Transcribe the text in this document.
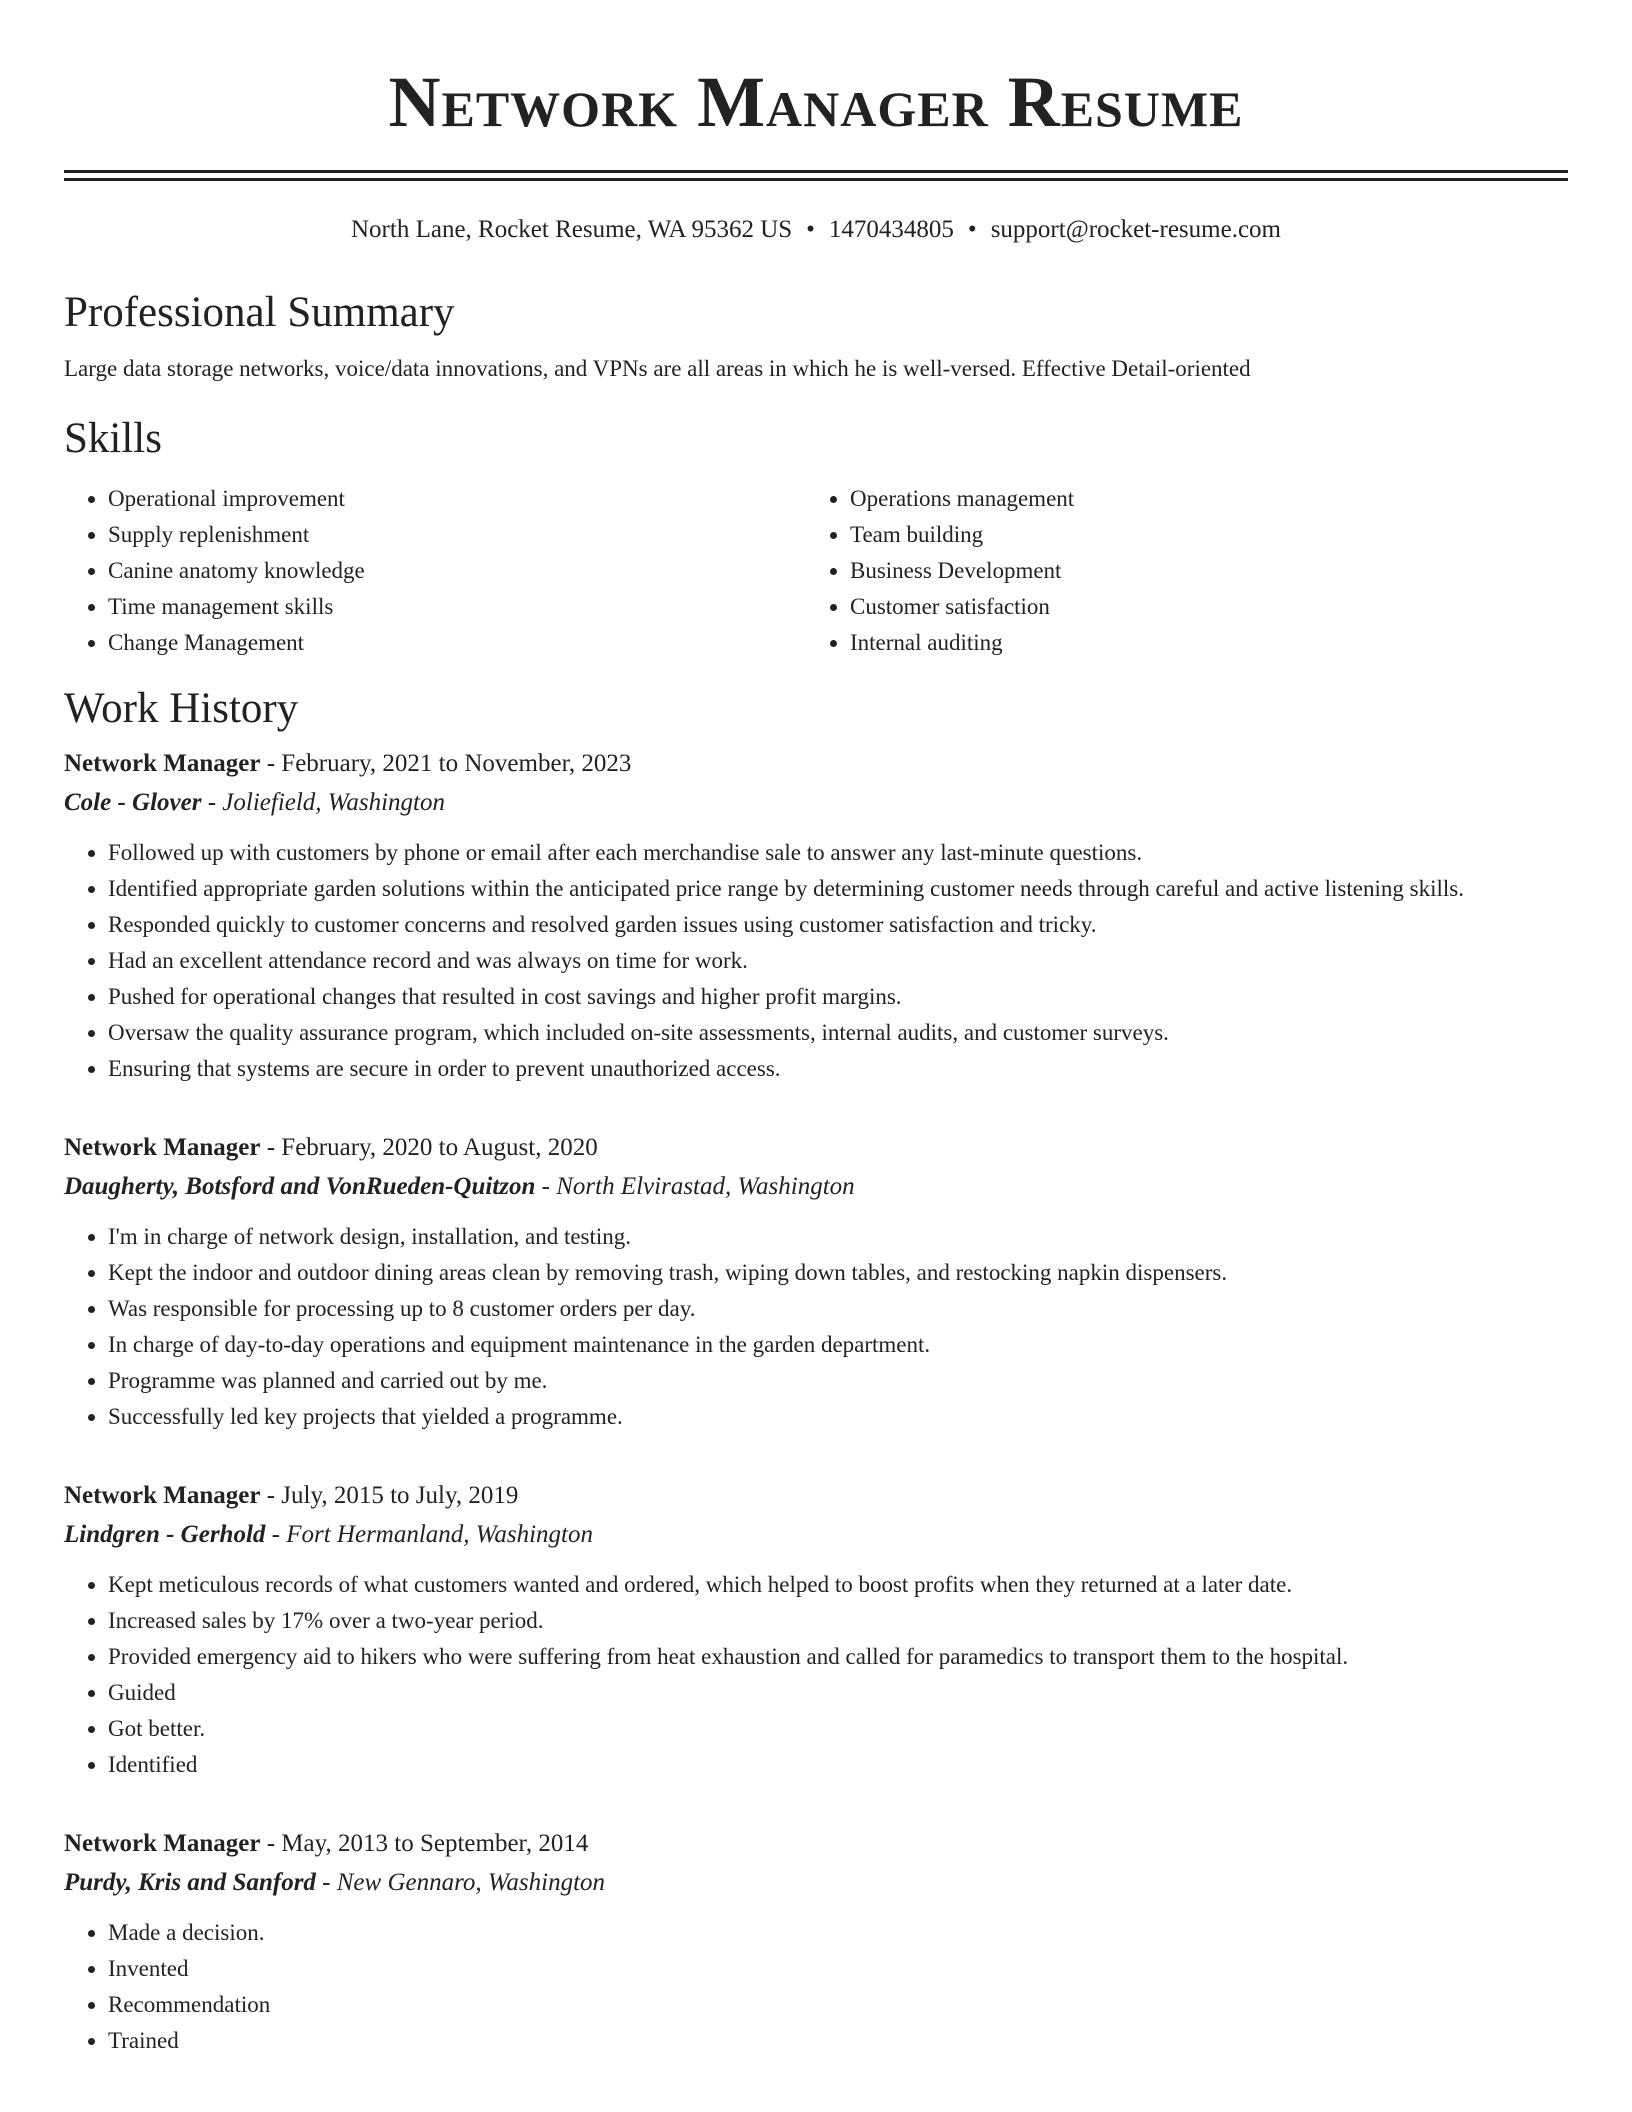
Network Manager Resume
North Lane, Rocket Resume, WA 95362 US • 1470434805 • support@rocket-resume.com
Professional Summary
Large data storage networks, voice/data innovations, and VPNs are all areas in which he is well-versed. Effective Detail-oriented
Skills
• Operational improvement
• Supply replenishment
• Canine anatomy knowledge
• Time management skills
• Change Management
• Operations management
• Team building
• Business Development
• Customer satisfaction
• Internal auditing
Work History
Network Manager - February, 2021 to November, 2023
Cole - Glover - Joliefield, Washington
• Followed up with customers by phone or email after each merchandise sale to answer any last-minute questions.
• Identified appropriate garden solutions within the anticipated price range by determining customer needs through careful and active listening skills.
• Responded quickly to customer concerns and resolved garden issues using customer satisfaction and tricky.
• Had an excellent attendance record and was always on time for work.
• Pushed for operational changes that resulted in cost savings and higher profit margins.
• Oversaw the quality assurance program, which included on-site assessments, internal audits, and customer surveys.
• Ensuring that systems are secure in order to prevent unauthorized access.
Network Manager - February, 2020 to August, 2020
Daugherty, Botsford and VonRueden-Quitzon - North Elvirastad, Washington
• I'm in charge of network design, installation, and testing.
• Kept the indoor and outdoor dining areas clean by removing trash, wiping down tables, and restocking napkin dispensers.
• Was responsible for processing up to 8 customer orders per day.
• In charge of day-to-day operations and equipment maintenance in the garden department.
• Programme was planned and carried out by me.
• Successfully led key projects that yielded a programme.
Network Manager - July, 2015 to July, 2019
Lindgren - Gerhold - Fort Hermanland, Washington
• Kept meticulous records of what customers wanted and ordered, which helped to boost profits when they returned at a later date.
• Increased sales by 17% over a two-year period.
• Provided emergency aid to hikers who were suffering from heat exhaustion and called for paramedics to transport them to the hospital.
• Guided
• Got better.
• Identified
Network Manager - May, 2013 to September, 2014
Purdy, Kris and Sanford - New Gennaro, Washington
• Made a decision.
• Invented
• Recommendation
• Trained
